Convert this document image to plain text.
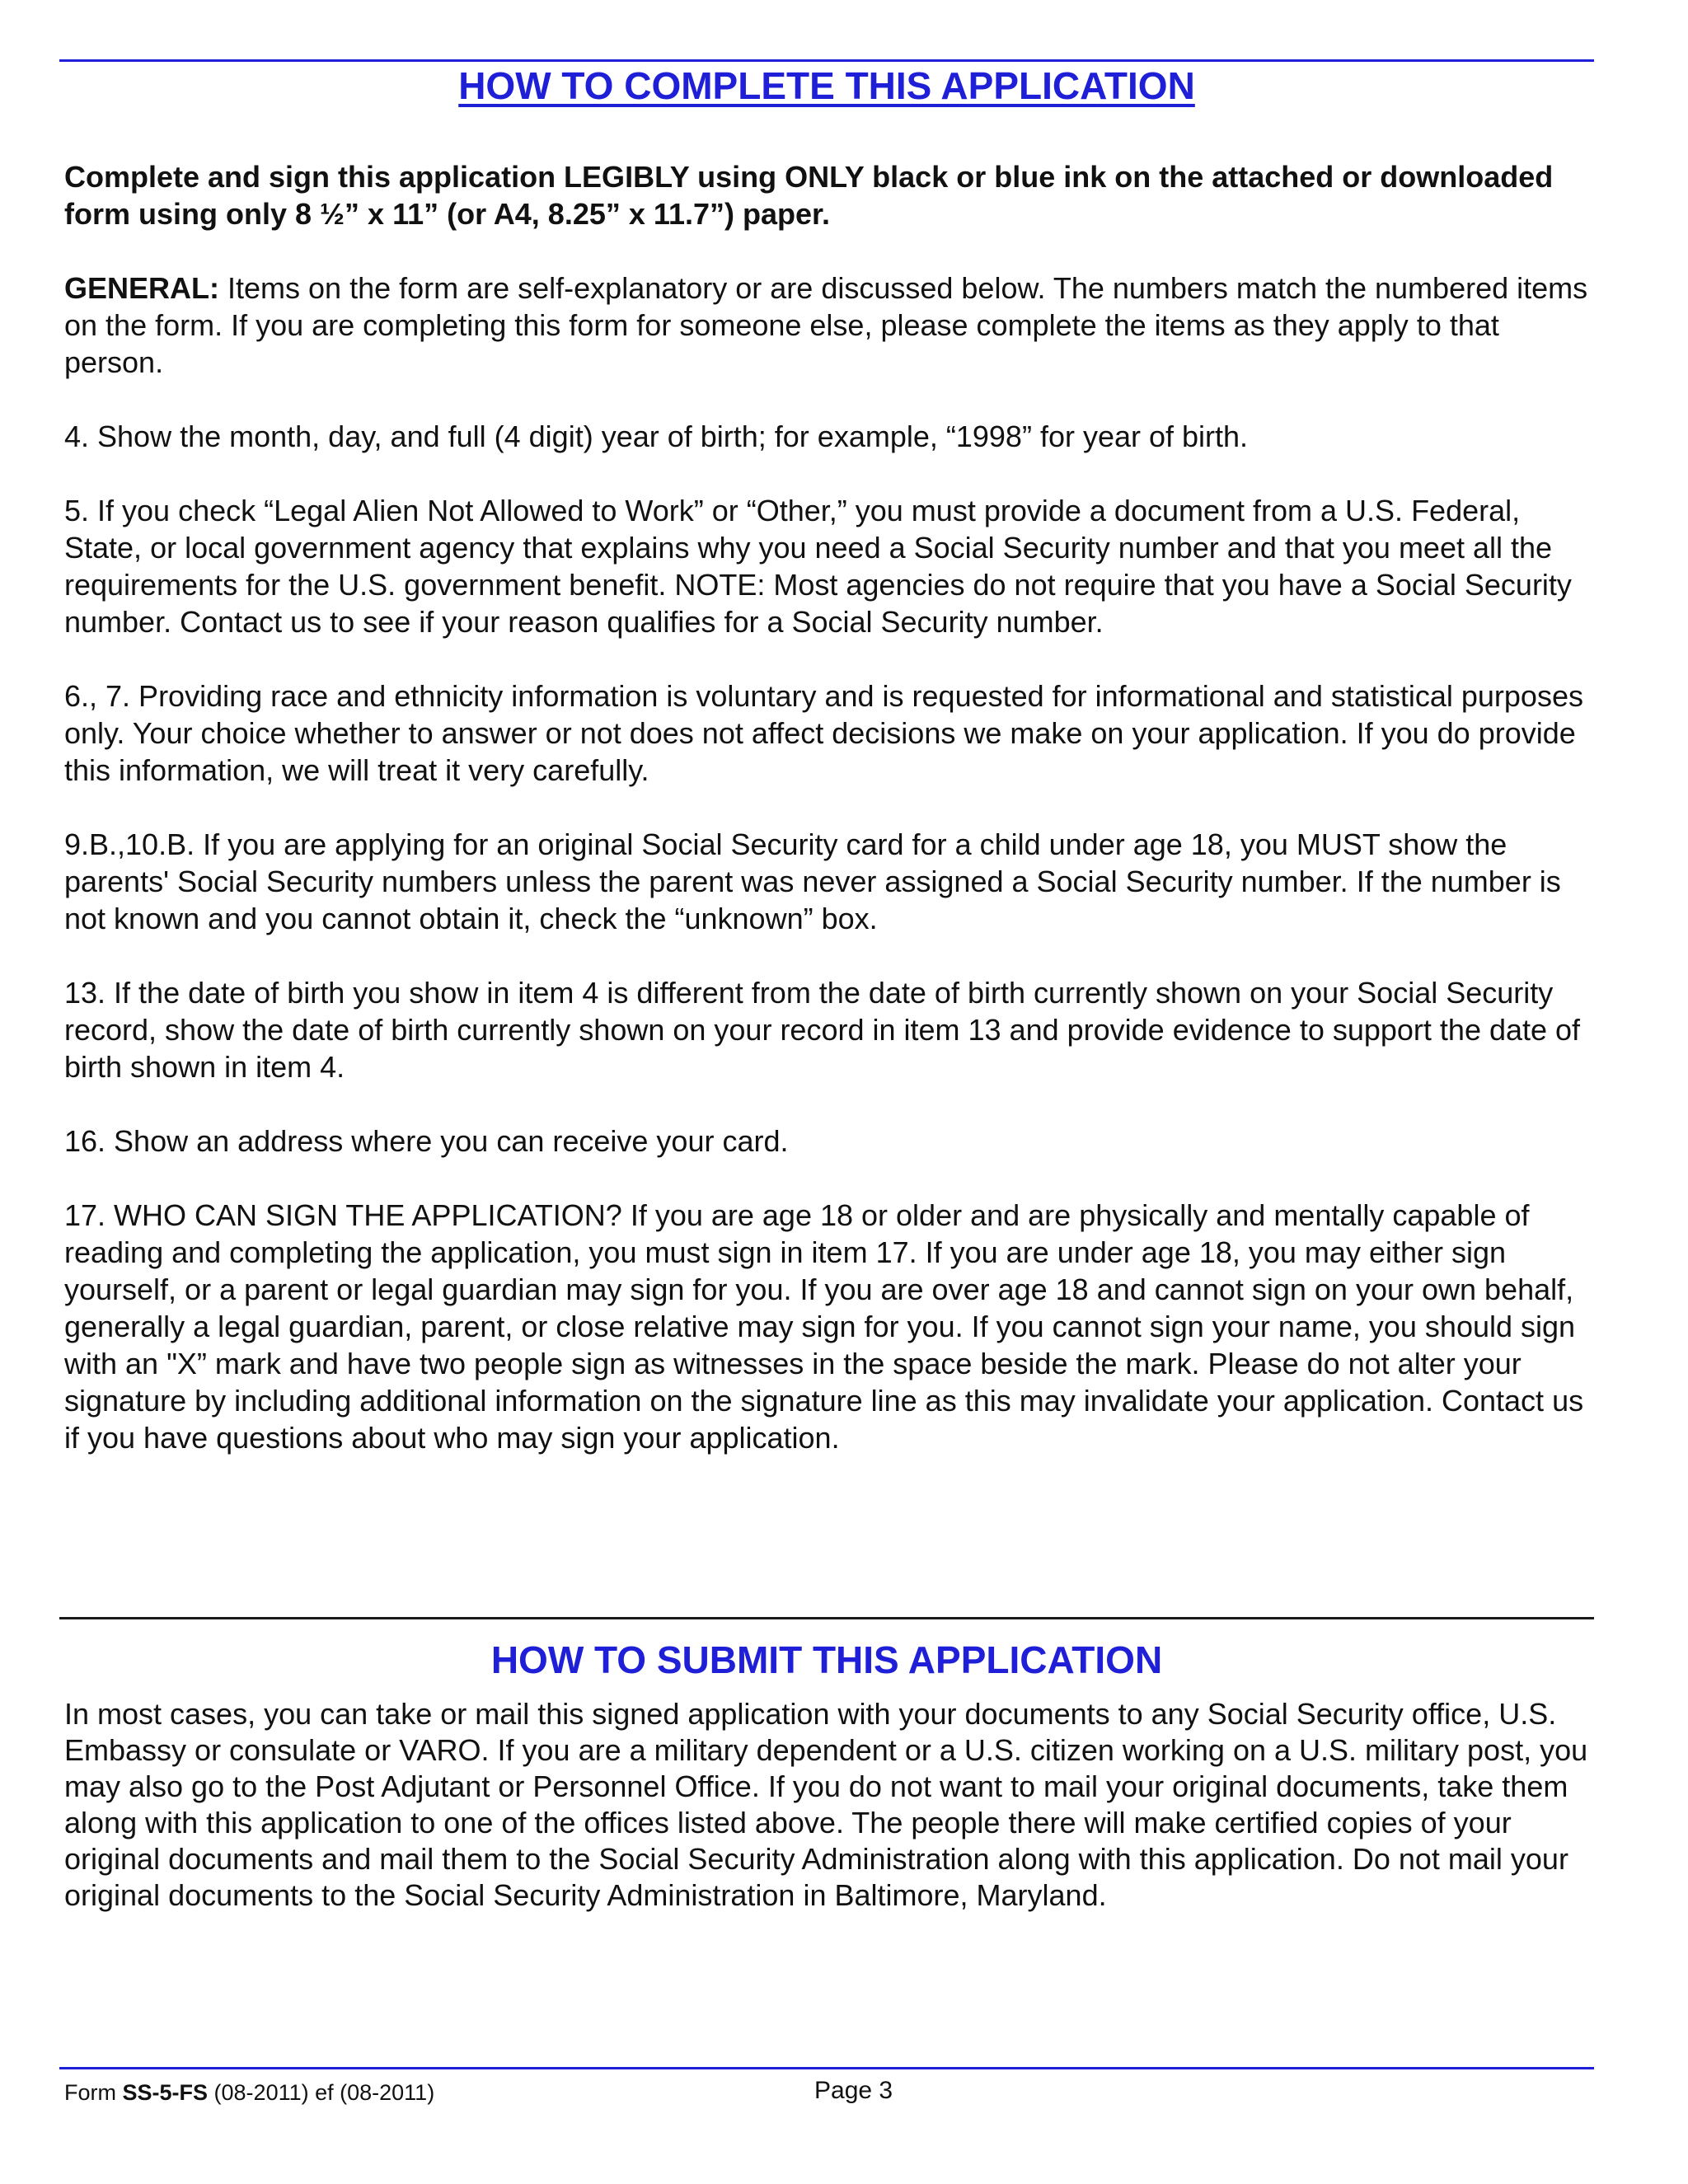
HOW TO COMPLETE THIS APPLICATION

Complete and sign this application LEGIBLY using ONLY black or blue ink on the attached or downloaded form using only 8 ½” x 11” (or A4, 8.25” x 11.7”) paper.

GENERAL: Items on the form are self-explanatory or are discussed below. The numbers match the numbered items on the form. If you are completing this form for someone else, please complete the items as they apply to that person.

4. Show the month, day, and full (4 digit) year of birth; for example, “1998” for year of birth.

5. If you check “Legal Alien Not Allowed to Work” or “Other,” you must provide a document from a U.S. Federal, State, or local government agency that explains why you need a Social Security number and that you meet all the requirements for the U.S. government benefit. NOTE: Most agencies do not require that you have a Social Security number. Contact us to see if your reason qualifies for a Social Security number.

6., 7. Providing race and ethnicity information is voluntary and is requested for informational and statistical purposes only. Your choice whether to answer or not does not affect decisions we make on your application. If you do provide this information, we will treat it very carefully.

9.B.,10.B. If you are applying for an original Social Security card for a child under age 18, you MUST show the parents' Social Security numbers unless the parent was never assigned a Social Security number. If the number is not known and you cannot obtain it, check the “unknown” box.

13. If the date of birth you show in item 4 is different from the date of birth currently shown on your Social Security record, show the date of birth currently shown on your record in item 13 and provide evidence to support the date of birth shown in item 4.

16. Show an address where you can receive your card.

17. WHO CAN SIGN THE APPLICATION? If you are age 18 or older and are physically and mentally capable of reading and completing the application, you must sign in item 17. If you are under age 18, you may either sign yourself, or a parent or legal guardian may sign for you. If you are over age 18 and cannot sign on your own behalf, generally a legal guardian, parent, or close relative may sign for you. If you cannot sign your name, you should sign with an "X” mark and have two people sign as witnesses in the space beside the mark. Please do not alter your signature by including additional information on the signature line as this may invalidate your application. Contact us if you have questions about who may sign your application.

HOW TO SUBMIT THIS APPLICATION
In most cases, you can take or mail this signed application with your documents to any Social Security office, U.S. Embassy or consulate or VARO. If you are a military dependent or a U.S. citizen working on a U.S. military post, you may also go to the Post Adjutant or Personnel Office. If you do not want to mail your original documents, take them along with this application to one of the offices listed above. The people there will make certified copies of your original documents and mail them to the Social Security Administration along with this application. Do not mail your original documents to the Social Security Administration in Baltimore, Maryland.
Form SS-5-FS (08-2011) ef (08-2011)	Page 3
